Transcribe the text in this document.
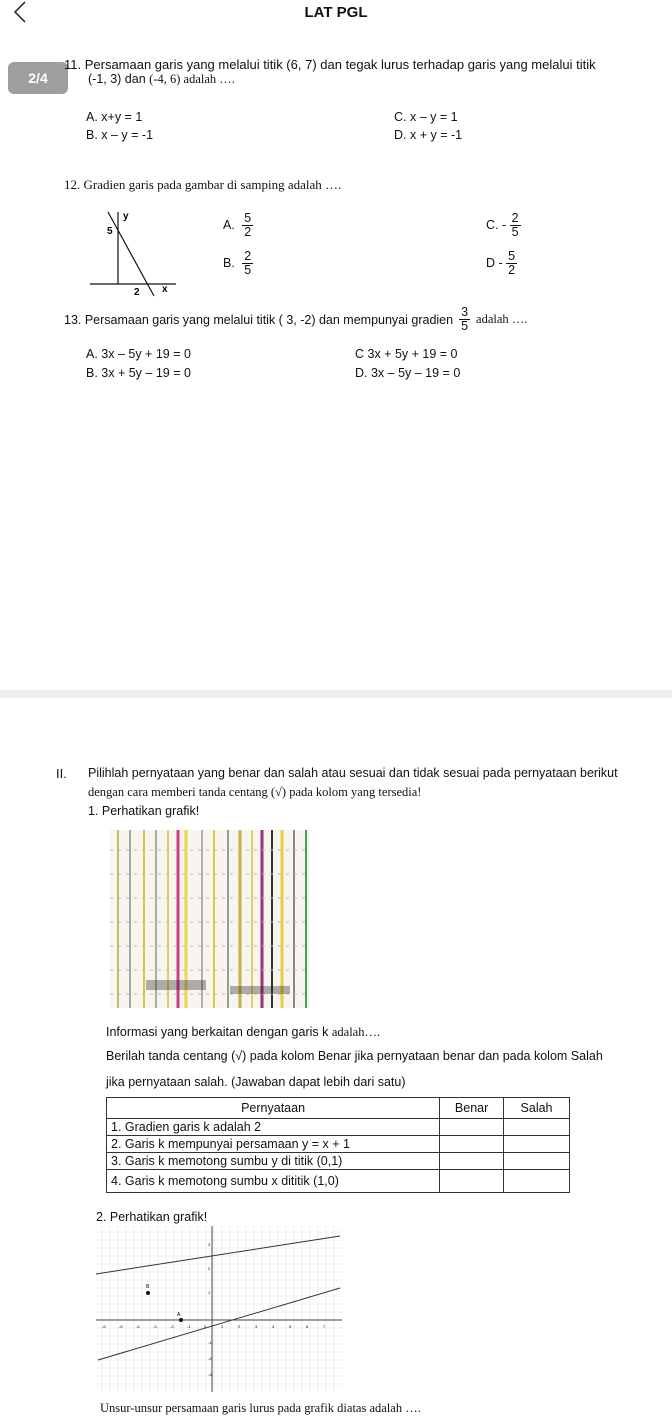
LAT PGL
2/4
11. Persamaan garis yang melalui titik (6, 7) dan tegak lurus terhadap garis yang melalui titik
(-1, 3) dan (-4, 6) adalah ….
A. x+y = 1
B. x – y = -1
C. x – y = 1
D. x + y = -1
12. Gradien garis pada gambar di samping adalah ….
y
5
2 x
A. $\frac{5}{2}$
B. $\frac{2}{5}$
C. - $\frac{2}{5}$
D - $\frac{5}{2}$
13. Persamaan garis yang melalui titik ( 3, -2) dan mempunyai gradien $\frac{3}{5}$ adalah ….
A. 3x – 5y + 19 = 0
B. 3x + 5y – 19 = 0
C 3x + 5y + 19 = 0
D. 3x – 5y – 19 = 0
II. Pilihlah pernyataan yang benar dan salah atau sesuai dan tidak sesuai pada pernyataan berikut
dengan cara memberi tanda centang (√) pada kolom yang tersedia!
1. Perhatikan grafik!
Informasi yang berkaitan dengan garis k adalah….
Berilah tanda centang (√) pada kolom Benar jika pernyataan benar dan pada kolom Salah
jika pernyataan salah. (Jawaban dapat lebih dari satu)
Pernyataan	Benar	Salah
1. Gradien garis k adalah 2		
2. Garis k mempunyai persamaan y = x + 1		
3. Garis k memotong sumbu y di titik (0,1)		
4. Garis k memotong sumbu x dititik (1,0)		
2. Perhatikan grafik!
B
A
-6	-5	-4	-3	-2	-1	0	1	2	3	4	5	6	7
3
2
1
-1
-2
-3
Unsur-unsur persamaan garis lurus pada grafik diatas adalah ….
